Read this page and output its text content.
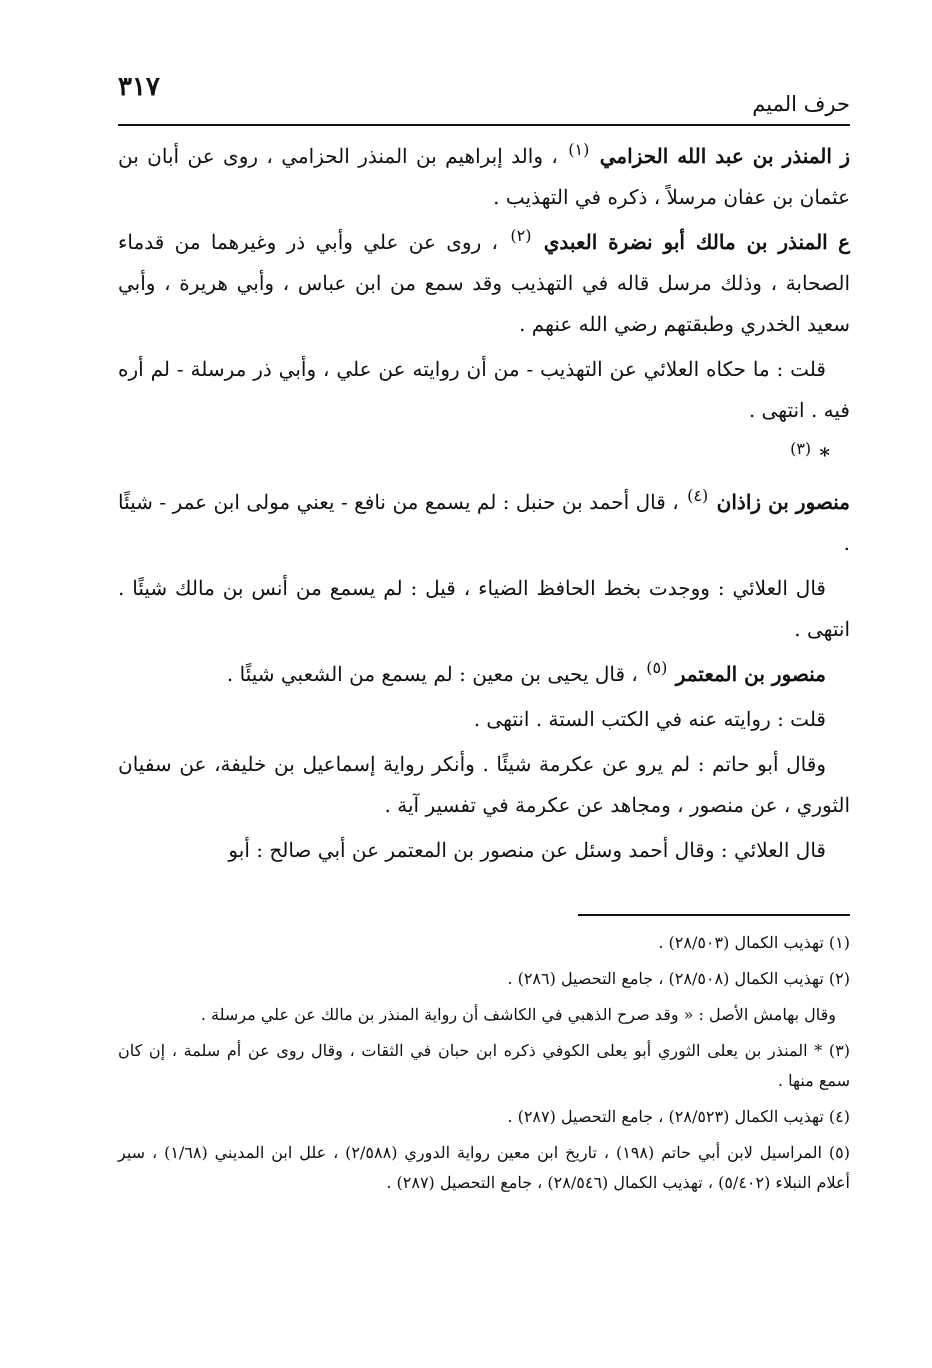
حرف الميم
٣١٧

ز المنذر بن عبد الله الحزامي $^{(١)}$ ، والد إبراهيم بن المنذر الحزامي ، روى عن أبان بن عثمان بن عفان مرسلاً ، ذكره في التهذيب .

ع المنذر بن مالك أبو نضرة العبدي $^{(٢)}$ ، روى عن علي وأبي ذر وغيرهما من قدماء الصحابة ، وذلك مرسل قاله في التهذيب وقد سمع من ابن عباس ، وأبي هريرة ، وأبي سعيد الخدري وطبقتهم رضي الله عنهم .

قلت : ما حكاه العلائي عن التهذيب - من أن روايته عن علي ، وأبي ذر مرسلة - لم أره فيه . انتهى .

* $^{(٣)}$

منصور بن زاذان $^{(٤)}$ ، قال أحمد بن حنبل : لم يسمع من نافع - يعني مولى ابن عمر - شيئًا .

قال العلائي : ووجدت بخط الحافظ الضياء ، قيل : لم يسمع من أنس بن مالك شيئًا . انتهى .

منصور بن المعتمر $^{(٥)}$ ، قال يحيى بن معين : لم يسمع من الشعبي شيئًا .

قلت : روايته عنه في الكتب الستة . انتهى .

وقال أبو حاتم : لم يرو عن عكرمة شيئًا . وأنكر رواية إسماعيل بن خليفة، عن سفيان الثوري ، عن منصور ، ومجاهد عن عكرمة في تفسير آية .

قال العلائي : وقال أحمد وسئل عن منصور بن المعتمر عن أبي صالح : أبو

(١) تهذيب الكمال (٢٨/٥٠٣) .

(٢) تهذيب الكمال (٢٨/٥٠٨) ، جامع التحصيل (٢٨٦) .

وقال بهامش الأصل : « وقد صرح الذهبي في الكاشف أن رواية المنذر بن مالك عن علي مرسلة .

(٣) * المنذر بن يعلى الثوري أبو يعلى الكوفي ذكره ابن حبان في الثقات ، وقال روى عن أم سلمة ، إن كان سمع منها .

(٤) تهذيب الكمال (٢٨/٥٢٣) ، جامع التحصيل (٢٨٧) .

(٥) المراسيل لابن أبي حاتم (١٩٨) ، تاريخ ابن معين رواية الدوري (٢/٥٨٨) ، علل ابن المديني (١/٦٨) ، سير أعلام النبلاء (٥/٤٠٢) ، تهذيب الكمال (٢٨/٥٤٦) ، جامع التحصيل (٢٨٧) .
